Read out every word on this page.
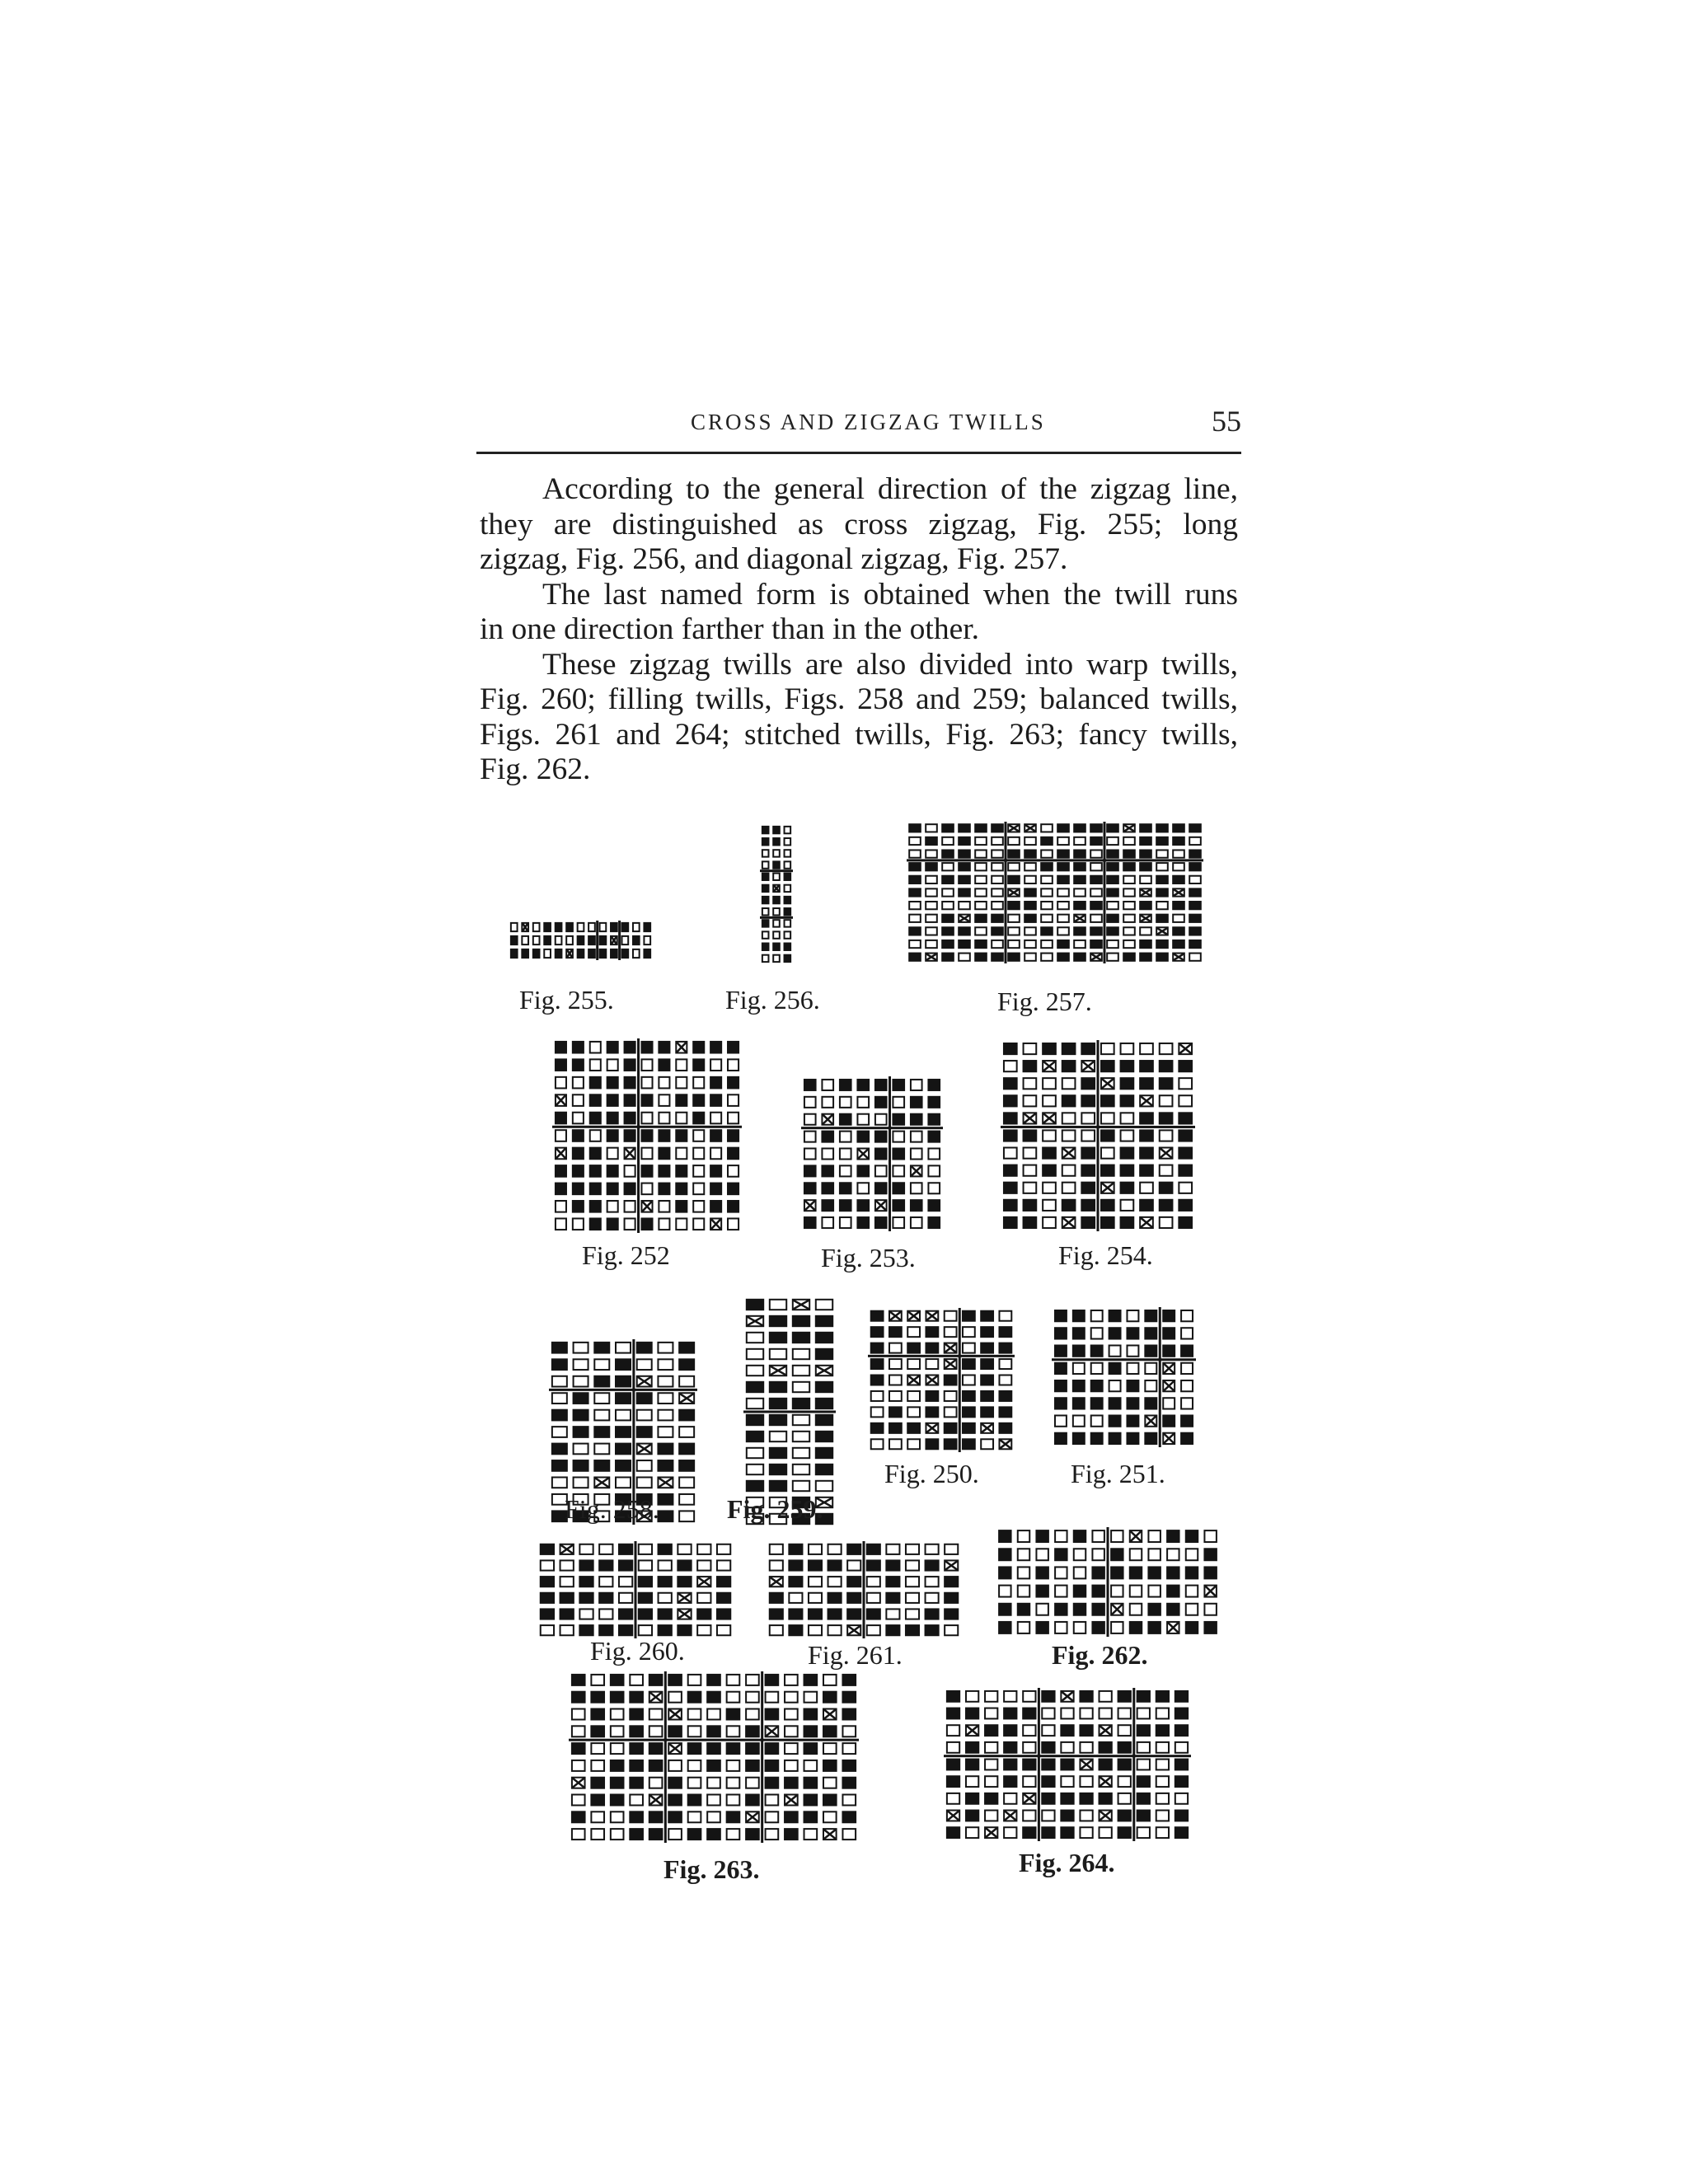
CROSS AND ZIGZAG TWILLS	55

According to the general direction of the zigzag line,

they are distinguished as cross zigzag, Fig. 255; long

zigzag, Fig. 256, and diagonal zigzag, Fig. 257.

The last named form is obtained when the twill runs

in one direction farther than in the other.

These zigzag twills are also divided into warp twills,

Fig. 260; filling twills, Figs. 258 and 259; balanced twills,

Figs. 261 and 264; stitched twills, Fig. 263; fancy twills,

Fig. 262.

Fig. 255.	Fig. 256.	Fig. 257.
Fig. 252	Fig. 253.	Fig. 254.
Fig. 258.	Fig. 259.
Fig. 250.	Fig. 251.
Fig. 260.	Fig. 261.	Fig. 262.
Fig. 263.	Fig. 264.
